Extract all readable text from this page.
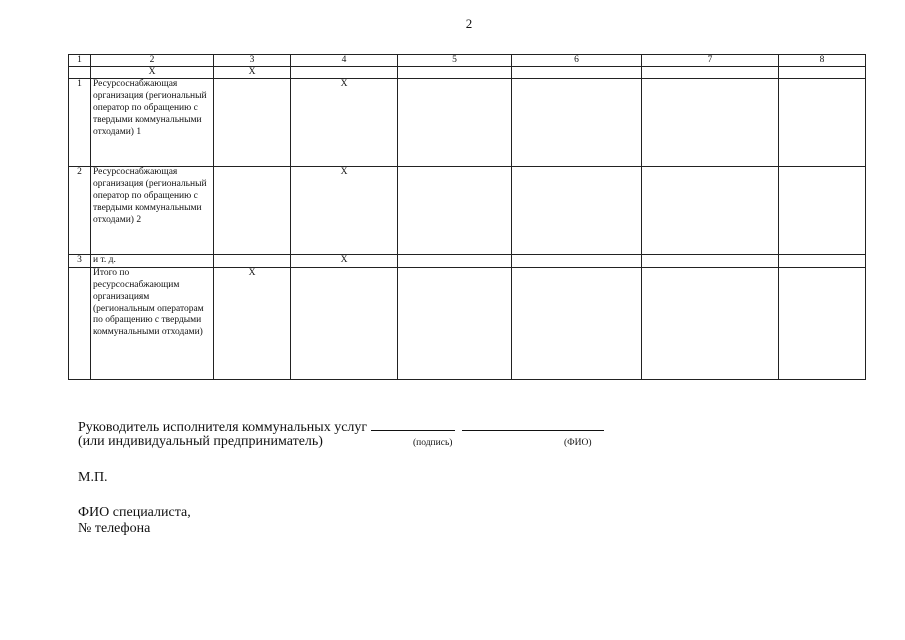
2
1	2	3	4	5	6	7	8
	Х	Х					
1	Ресурсоснабжающая организация (региональный оператор по обращению с твердыми коммунальными отходами) 1		Х				
2	Ресурсоснабжающая организация (региональный оператор по обращению с твердыми коммунальными отходами) 2		Х				
3	и т. д.		Х				
	Итого по ресурсоснабжающим организациям (региональным операторам по обращению с твердыми коммунальными отходами)	Х					
Руководитель исполнителя коммунальных услуг
(или индивидуальный предприниматель)	(подпись)	(ФИО)
М.П.
ФИО специалиста,
№ телефона
